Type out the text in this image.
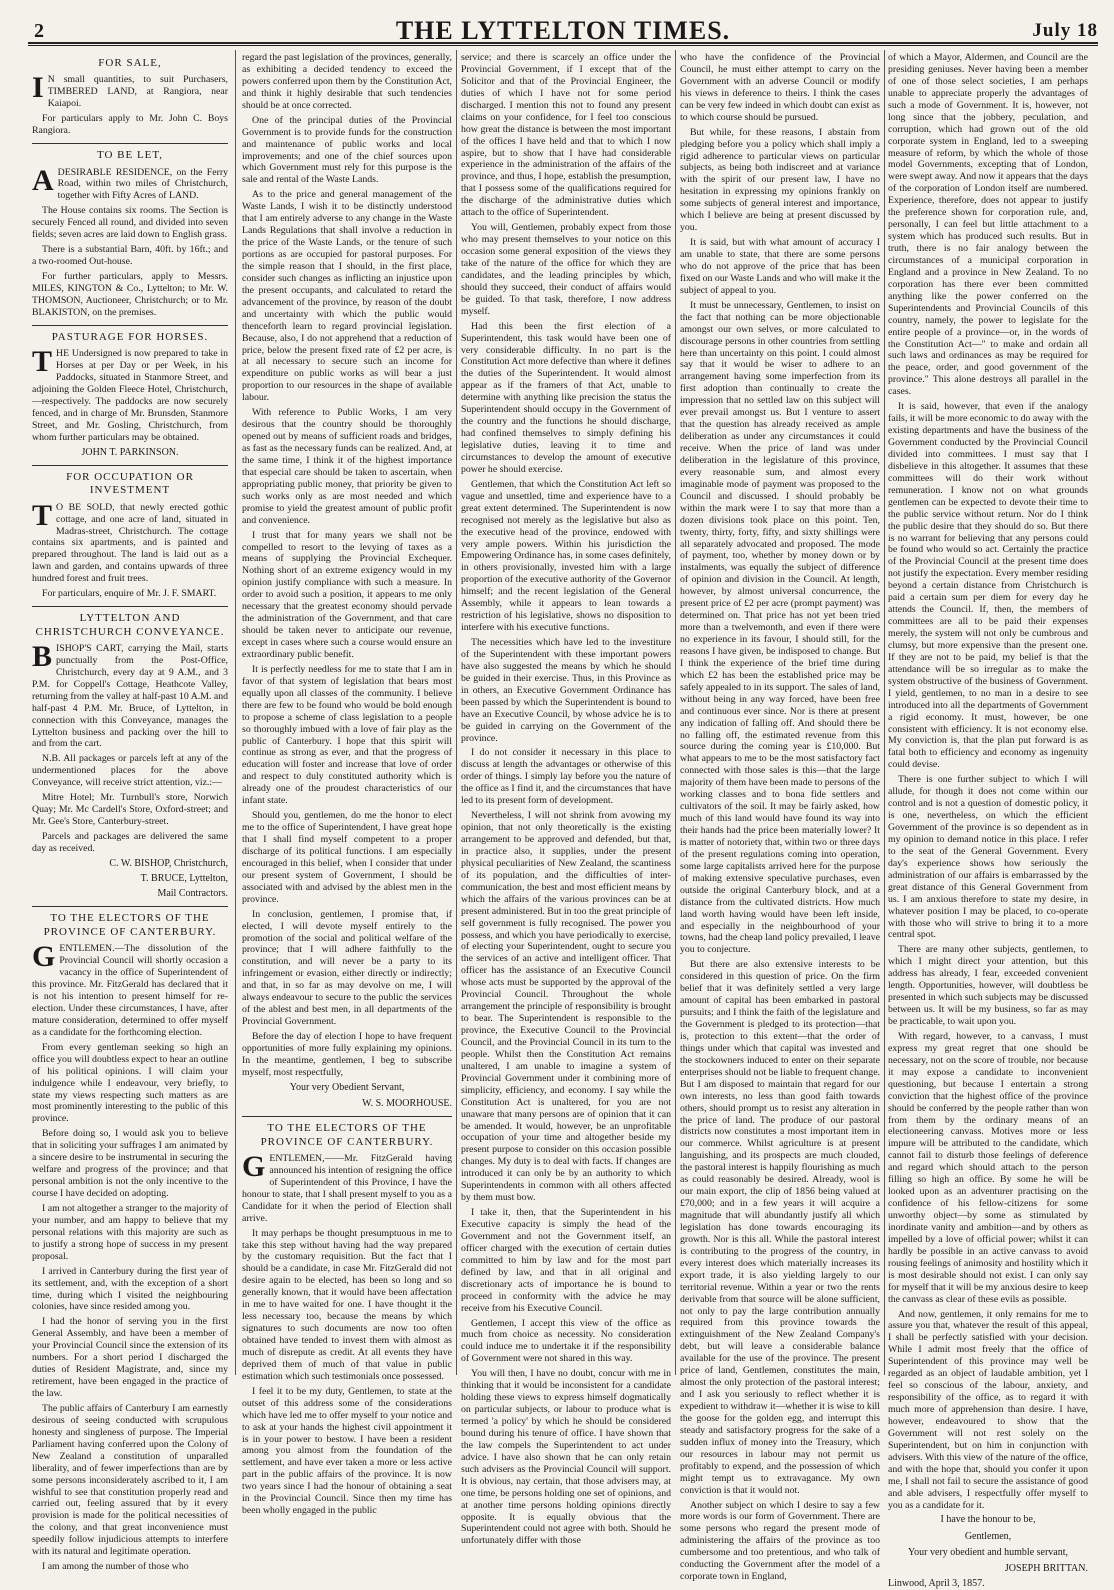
2	THE LYTTELTON TIMES.	July 18
FOR SALE,

I N small quantities, to suit Purchasers, TIMBERED LAND, at Rangiora, near Kaiapoi.

For particulars apply to Mr. John C. Boys Rangiora.

TO BE LET,

ADESIRABLE RESIDENCE, on the Ferry Road, within two miles of Christchurch, together with Fifty Acres of LAND.

The House contains six rooms. The Section is securely Fenced all round, and divided into seven fields; seven acres are laid down to English grass.

There is a substantial Barn, 40ft. by 16ft.; and a two-roomed Out-house.

For further particulars, apply to Messrs. MILES, KINGTON & Co., Lyttelton; to Mr. W. THOMSON, Auctioneer, Christchurch; or to Mr. BLAKISTON, on the premises.

PASTURAGE FOR HORSES.

THE Undersigned is now prepared to take in Horses at per Day or per Week, in his Paddocks, situated in Stanmore Street, and adjoining the Golden Fleece Hotel, Christchurch,—respectively. The paddocks are now securely fenced, and in charge of Mr. Brunsden, Stanmore Street, and Mr. Gosling, Christchurch, from whom further particulars may be obtained.

JOHN T. PARKINSON.
FOR OCCUPATION OR INVESTMENT

T O BE SOLD, that newly erected gothic cottage, and one acre of land, situated in Madras-street, Christchurch. The cottage contains six apartments, and is painted and prepared throughout. The land is laid out as a lawn and garden, and contains upwards of three hundred forest and fruit trees.

For particulars, enquire of Mr. J. F. SMART.

LYTTELTON AND CHRISTCHURCH CONVEYANCE.

BISHOP'S CART, carrying the Mail, starts punctually from the Post-Office, Christchurch, every day at 9 A.M., and 3 P.M. for Coppell's Cottage, Heathcote Valley, returning from the valley at half-past 10 A.M. and half-past 4 P.M. Mr. Bruce, of Lyttelton, in connection with this Conveyance, manages the Lyttelton business and packing over the hill to and from the cart.

N.B. All packages or parcels left at any of the undermentioned places for the above Conveyance, will receive strict attention, viz.:—

Mitre Hotel; Mr. Turnbull's store, Norwich Quay; Mr. Mc Cardell's Store, Oxford-street; and Mr. Gee's Store, Canterbury-street.

Parcels and packages are delivered the same day as received.

C. W. BISHOP, Christchurch,
T. BRUCE, Lyttelton,
Mail Contractors.
TO THE ELECTORS OF THE PROVINCE OF CANTERBURY.

GENTLEMEN.—The dissolution of the Provincial Council will shortly occasion a vacancy in the office of Superintendent of this province. Mr. FitzGerald has declared that it is not his intention to present himself for re-election. Under these circumstances, I have, after mature consideration, determined to offer myself as a candidate for the forthcoming election.

From every gentleman seeking so high an office you will doubtless expect to hear an outline of his political opinions. I will claim your indulgence while I endeavour, very briefly, to state my views respecting such matters as are most prominently interesting to the public of this province.

Before doing so, I would ask you to believe that in soliciting your suffrages I am animated by a sincere desire to be instrumental in securing the welfare and progress of the province; and that personal ambition is not the only incentive to the course I have decided on adopting.

I am not altogether a stranger to the majority of your number, and am happy to believe that my personal relations with this majority are such as to justify a strong hope of success in my present proposal.

I arrived in Canterbury during the first year of its settlement, and, with the exception of a short time, during which I visited the neighbouring colonies, have since resided among you.

I had the honor of serving you in the first General Assembly, and have been a member of your Provincial Council since the extension of its numbers. For a short period I discharged the duties of Resident Magistrate, and, since my retirement, have been engaged in the practice of the law.

The public affairs of Canterbury I am earnestly desirous of seeing conducted with scrupulous honesty and singleness of purpose. The Imperial Parliament having conferred upon the Colony of New Zealand a constitution of unparalled liberality, and of fewer imperfections than are by some persons inconsiderately ascribed to it, I am wishful to see that constitution properly read and carried out, feeling assured that by it every provision is made for the political necessities of the colony, and that great inconvenience must speedily follow injudicious attempts to interfere with its natural and legitimate operation.

I am among the number of those who

regard the past legislation of the provinces, generally, as exhibiting a decided tendency to exceed the powers conferred upon them by the Constitution Act, and think it highly desirable that such tendencies should be at once corrected.

One of the principal duties of the Provincial Government is to provide funds for the construction and maintenance of public works and local improvements; and one of the chief sources upon which Government must rely for this purpose is the sale and rental of the Waste Lands.

As to the price and general management of the Waste Lands, I wish it to be distinctly understood that I am entirely adverse to any change in the Waste Lands Regulations that shall involve a reduction in the price of the Waste Lands, or the tenure of such portions as are occupied for pastoral purposes. For the simple reason that I should, in the first place, consider such changes as inflicting an injustice upon the present occupants, and calculated to retard the advancement of the province, by reason of the doubt and uncertainty with which the public would thenceforth learn to regard provincial legislation. Because, also, I do not apprehend that a reduction of price, below the present fixed rate of £2 per acre, is at all necessary to secure such an income for expenditure on public works as will bear a just proportion to our resources in the shape of available labour.

With reference to Public Works, I am very desirous that the country should be thoroughly opened out by means of sufficient roads and bridges, as fast as the necessary funds can be realized. And, at the same time, I think it of the highest importance that especial care should be taken to ascertain, when appropriating public money, that priority be given to such works only as are most needed and which promise to yield the greatest amount of public profit and convenience.

I trust that for many years we shall not be compelled to resort to the levying of taxes as a means of supplying the Provincial Exchequer. Nothing short of an extreme exigency would in my opinion justify compliance with such a measure. In order to avoid such a position, it appears to me only necessary that the greatest economy should pervade the administration of the Government, and that care should be taken never to anticipate our revenue, except in cases where such a course would ensure an extraordinary public benefit.

It is perfectly needless for me to state that I am in favor of that system of legislation that bears most equally upon all classes of the community. I believe there are few to be found who would be bold enough to propose a scheme of class legislation to a people so thoroughly imbued with a love of fair play as the public of Canterbury. I hope that this spirit will continue as strong as ever, and that the progress of education will foster and increase that love of order and respect to duly constituted authority which is already one of the proudest characteristics of our infant state.

Should you, gentlemen, do me the honor to elect me to the office of Superintendent, I have great hope that I shall find myself competent to a proper discharge of its political functions. I am especially encouraged in this belief, when I consider that under our present system of Government, I should be associated with and advised by the ablest men in the province.

In conclusion, gentlemen, I promise that, if elected, I will devote myself entirely to the promotion of the social and political welfare of the province; that I will adhere faithfully to the constitution, and will never be a party to its infringement or evasion, either directly or indirectly; and that, in so far as may devolve on me, I will always endeavour to secure to the public the services of the ablest and best men, in all departments of the Provincial Government.

Before the day of election I hope to have frequent opportunities of more fully explaining my opinions. In the meantime, gentlemen, I beg to subscribe myself, most respectfully,

Your very Obedient Servant,
W. S. MOORHOUSE.
TO THE ELECTORS OF THE PROVINCE OF CANTERBURY.

GENTLEMEN,——Mr. FitzGerald having announced his intention of resigning the office of Superintendent of this Province, I have the honour to state, that I shall present myself to you as a Candidate for it when the period of Election shall arrive.

It may perhaps be thought presumptuous in me to take this step without having had the way prepared by the customary requisition. But the fact that I should be a candidate, in case Mr. FitzGerald did not desire again to be elected, has been so long and so generally known, that it would have been affectation in me to have waited for one. I have thought it the less necessary too, because the means by which signatures to such documents are now too often obtained have tended to invest them with almost as much of disrepute as credit. At all events they have deprived them of much of that value in public estimation which such testimonials once possessed.

I feel it to be my duty, Gentlemen, to state at the outset of this address some of the considerations which have led me to offer myself to your notice and to ask at your hands the highest civil appointment it is in your power to bestow. I have been a resident among you almost from the foundation of the settlement, and have ever taken a more or less active part in the public affairs of the province. It is now two years since I had the honour of obtaining a seat in the Provincial Council. Since then my time has been wholly engaged in the public

service; and there is scarcely an office under the Provincial Government, if I except that of the Solicitor and that of the Provincial Engineer, the duties of which I have not for some period discharged. I mention this not to found any present claims on your confidence, for I feel too conscious how great the distance is between the most important of the offices I have held and that to which I now aspire, but to show that I have had considerable experience in the administration of the affairs of the province, and thus, I hope, establish the presumption, that I possess some of the qualifications required for the discharge of the administrative duties which attach to the office of Superintendent.

You will, Gentlemen, probably expect from those who may present themselves to your notice on this occasion some general exposition of the views they take of the nature of the office for which they are candidates, and the leading principles by which, should they succeed, their conduct of affairs would be guided. To that task, therefore, I now address myself.

Had this been the first election of a Superintendent, this task would have been one of very considerable difficulty. In no part is the Constitution Act more defective than where it defines the duties of the Superintendent. It would almost appear as if the framers of that Act, unable to determine with anything like precision the status the Superintendent should occupy in the Government of the country and the functions he should discharge, had confined themselves to simply defining his legislative duties, leaving it to time and circumstances to develop the amount of executive power he should exercise.

Gentlemen, that which the Constitution Act left so vague and unsettled, time and experience have to a great extent determined. The Superintendent is now recognised not merely as the legislative but also as the executive head of the province, endowed with very ample powers. Within his jurisdiction the Empowering Ordinance has, in some cases definitely, in others provisionally, invested him with a large proportion of the executive authority of the Governor himself; and the recent legislation of the General Assembly, while it appears to lean towards a restriction of his legislative, shows no disposition to interfere with his executive functions.

The necessities which have led to the investiture of the Superintendent with these important powers have also suggested the means by which he should be guided in their exercise. Thus, in this Province as in others, an Executive Government Ordinance has been passed by which the Superintendent is bound to have an Executive Council, by whose advice he is to be guided in carrying on the Government of the province.

I do not consider it necessary in this place to discuss at length the advantages or otherwise of this order of things. I simply lay before you the nature of the office as I find it, and the circumstances that have led to its present form of development.

Nevertheless, I will not shrink from avowing my opinion, that not only theoretically is the existing arrangement to be approved and defended, but that, in practice also, it supplies, under the present physical peculiarities of New Zealand, the scantiness of its population, and the difficulties of inter-communication, the best and most efficient means by which the affairs of the various provinces can be at present administered. But in too the great principle of self government is fully recognised. The power you possess, and which you have periodically to exercise, of electing your Superintendent, ought to secure you the services of an active and intelligent officer. That officer has the assistance of an Executive Council whose acts must be supported by the approval of the Provincial Council. Throughout the whole arrangement the principle of responsibility is brought to bear. The Superintendent is responsible to the province, the Executive Council to the Provincial Council, and the Provincial Council in its turn to the people. Whilst then the Constitution Act remains unaltered, I am unable to imagine a system of Provincial Government under it combining more of simplicity, efficiency, and economy. I say while the Constitution Act is unaltered, for you are not unaware that many persons are of opinion that it can be amended. It would, however, be an unprofitable occupation of your time and altogether beside my present purpose to consider on this occasion possible changes. My duty is to deal with facts. If changes are introduced it can only be by an authority to which Superintendents in common with all others affected by them must bow.

I take it, then, that the Superintendent in his Executive capacity is simply the head of the Government and not the Government itself, an officer charged with the execution of certain duties committed to him by law and for the most part defined by law, and that in all original and discretionary acts of importance he is bound to proceed in conformity with the advice he may receive from his Executive Council.

Gentlemen, I accept this view of the office as much from choice as necessity. No consideration could induce me to undertake it if the responsibility of Government were not shared in this way.

You will then, I have no doubt, concur with me in thinking that it would be inconsistent for a candidate holding these views to express himself dogmatically on particular subjects, or labour to produce what is termed 'a policy' by which he should be considered bound during his tenure of office. I have shown that the law compels the Superintendent to act under advice. I have also shown that he can only retain such advisers as the Provincial Council will support. It is obvious, nay certain, that those advisers may, at one time, be persons holding one set of opinions, and at another time persons holding opinions directly opposite. It is equally obvious that the Superintendent could not agree with both. Should he unfortunately differ with those

who have the confidence of the Provincial Council, he must either attempt to carry on the Government with an adverse Council or modify his views in deference to theirs. I think the cases can be very few indeed in which doubt can exist as to which course should be pursued.

But while, for these reasons, I abstain from pledging before you a policy which shall imply a rigid adherence to particular views on particular subjects, as being both indiscreet and at variance with the spirit of our present law, I have no hesitation in expressing my opinions frankly on some subjects of general interest and importance, which I believe are being at present discussed by you.

It is said, but with what amount of accuracy I am unable to state, that there are some persons who do not approve of the price that has been fixed on our Waste Lands and who will make it the subject of appeal to you.

It must be unnecessary, Gentlemen, to insist on the fact that nothing can be more objectionable amongst our own selves, or more calculated to discourage persons in other countries from settling here than uncertainty on this point. I could almost say that it would be wiser to adhere to an arrangement having some imperfection from its first adoption than continually to create the impression that no settled law on this subject will ever prevail amongst us. But I venture to assert that the question has already received as ample deliberation as under any circumstances it could receive. When the price of land was under deliberation in the legislature of this province, every reasonable sum, and almost every imaginable mode of payment was proposed to the Council and discussed. I should probably be within the mark were I to say that more than a dozen divisions took place on this point. Ten, twenty, thirty, forty, fifty, and sixty shillings were all separately advocated and proposed. The mode of payment, too, whether by money down or by instalments, was equally the subject of difference of opinion and division in the Council. At length, however, by almost universal concurrence, the present price of £2 per acre (prompt payment) was determined on. That price has not yet been tried more than a twelvemonth, and even if there were no experience in its favour, I should still, for the reasons I have given, be indisposed to change. But I think the experience of the brief time during which £2 has been the established price may be safely appealed to in its support. The sales of land, without being in any way forced, have been free and continuous ever since. Nor is there at present any indication of falling off. And should there be no falling off, the estimated revenue from this source during the coming year is £10,000. But what appears to me to be the most satisfactory fact connected with those sales is this—that the large majority of them have been made to persons of the working classes and to bona fide settlers and cultivators of the soil. It may be fairly asked, how much of this land would have found its way into their hands had the price been materially lower? It is matter of notoriety that, within two or three days of the present regulations coming into operation, some large capitalists arrived here for the purpose of making extensive speculative purchases, even outside the original Canterbury block, and at a distance from the cultivated districts. How much land worth having would have been left inside, and especially in the neighbourhood of your towns, had the cheap land policy prevailed, I leave you to conjecture.

But there are also extensive interests to be considered in this question of price. On the firm belief that it was definitely settled a very large amount of capital has been embarked in pastoral pursuits; and I think the faith of the legislature and the Government is pledged to its protection—that is, protection to this extent—that the order of things under which that capital was invested and the stockowners induced to enter on their separate enterprises should not be liable to frequent change. But I am disposed to maintain that regard for our own interests, no less than good faith towards others, should prompt us to resist any alteration in the price of land. The produce of our pastoral districts now constitutes a most important item in our commerce. Whilst agriculture is at present languishing, and its prospects are much clouded, the pastoral interest is happily flourishing as much as could reasonably be desired. Already, wool is our main export, the clip of 1856 being valued at £70,000; and in a few years it will acquire a magnitude that will abundantly justify all which legislation has done towards encouraging its growth. Nor is this all. While the pastoral interest is contributing to the progress of the country, in every interest does which materially increases its export trade, it is also yielding largely to our territorial revenue. Within a year or two the rents derivable from that source will be alone sufficient, not only to pay the large contribution annually required from this province towards the extinguishment of the New Zealand Company's debt, but will leave a considerable balance available for the use of the province. The present price of land, Gentlemen, constitutes the main, almost the only protection of the pastoral interest; and I ask you seriously to reflect whether it is expedient to withdraw it—whether it is wise to kill the goose for the golden egg, and interrupt this steady and satisfactory progress for the sake of a sudden influx of money into the Treasury, which our resources in labour may not permit us profitably to expend, and the possession of which might tempt us to extravagance. My own conviction is that it would not.

Another subject on which I desire to say a few more words is our form of Government. There are some persons who regard the present mode of administering the affairs of the province as too cumbersome and too pretentious, and who talk of conducting the Government after the model of a corporate town in England,

of which a Mayor, Aldermen, and Council are the presiding geniuses. Never having been a member of one of those select societies, I am perhaps unable to appreciate properly the advantages of such a mode of Government. It is, however, not long since that the jobbery, peculation, and corruption, which had grown out of the old corporate system in England, led to a sweeping measure of reform, by which the whole of those model Governments, excepting that of London, were swept away. And now it appears that the days of the corporation of London itself are numbered. Experience, therefore, does not appear to justify the preference shown for corporation rule, and, personally, I can feel but little attachment to a system which has produced such results. But in truth, there is no fair analogy between the circumstances of a municipal corporation in England and a province in New Zealand. To no corporation has there ever been committed anything like the power conferred on the Superintendents and Provincial Councils of this country, namely, the power to legislate for the entire people of a province—or, in the words of the Constitution Act—" to make and ordain all such laws and ordinances as may be required for the peace, order, and good government of the province." This alone destroys all parallel in the cases.

It is said, however, that even if the analogy fails, it will be more economic to do away with the existing departments and have the business of the Government conducted by the Provincial Council divided into committees. I must say that I disbelieve in this altogether. It assumes that these committees will do their work without remuneration. I know not on what grounds gentlemen can be expected to devote their time to the public service without return. Nor do I think the public desire that they should do so. But there is no warrant for believing that any persons could be found who would so act. Certainly the practice of the Provincial Council at the present time does not justify the expectation. Every member residing beyond a certain distance from Christchurch is paid a certain sum per diem for every day he attends the Council. If, then, the members of committees are all to be paid their expenses merely, the system will not only be cumbrous and clumsy, but more expensive than the present one. If they are not to be paid, my belief is that the attendance will be so irregular as to make the system obstructive of the business of Government. I yield, gentlemen, to no man in a desire to see introduced into all the departments of Government a rigid economy. It must, however, be one consistent with efficiency. It is not economy else. My conviction is, that the plan put forward is as fatal both to efficiency and economy as ingenuity could devise.

There is one further subject to which I will allude, for though it does not come within our control and is not a question of domestic policy, it is one, nevertheless, on which the efficient Government of the province is so dependent as in my opinion to demand notice in this place. I refer to the seat of the General Government. Every day's experience shows how seriously the administration of our affairs is embarrassed by the great distance of this General Government from us. I am anxious therefore to state my desire, in whatever position I may be placed, to co-operate with those who will strive to bring it to a more central spot.

There are many other subjects, gentlemen, to which I might direct your attention, but this address has already, I fear, exceeded convenient length. Opportunities, however, will doubtless be presented in which such subjects may be discussed between us. It will be my business, so far as may be practicable, to wait upon you.

With regard, however, to a canvass, I must express my great regret that one should be necessary, not on the score of trouble, nor because it may expose a candidate to inconvenient questioning, but because I entertain a strong conviction that the highest office of the province should be conferred by the people rather than won from them by the ordinary means of an electioneering canvass. Motives more or less impure will be attributed to the candidate, which cannot fail to disturb those feelings of deference and regard which should attach to the person filling so high an office. By some he will be looked upon as an adventurer practising on the confidence of his fellow-citizens for some unworthy object—by some as stimulated by inordinate vanity and ambition—and by others as impelled by a love of official power; whilst it can hardly be possible in an active canvass to avoid rousing feelings of animosity and hostility which it is most desirable should not exist. I can only say for myself that it will be my anxious desire to keep the canvass as clear of these evils as possible.

And now, gentlemen, it only remains for me to assure you that, whatever the result of this appeal, I shall be perfectly satisfied with your decision. While I admit most freely that the office of Superintendent of this province may well be regarded as an object of laudable ambition, yet I feel so conscious of the labour, anxiety, and responsibility of the office, as to regard it with much more of apprehension than desire. I have, however, endeavoured to show that the Government will not rest solely on the Superintendent, but on him in conjunction with advisers. With this view of the nature of the office, and with the hope that, should you confer it upon me, I shall not fail to secure the assistance of good and able advisers, I respectfully offer myself to you as a candidate for it.

I have the honour to be,
Gentlemen,
Your very obedient and humble servant,
JOSEPH BRITTAN.
Linwood, April 3, 1857.
